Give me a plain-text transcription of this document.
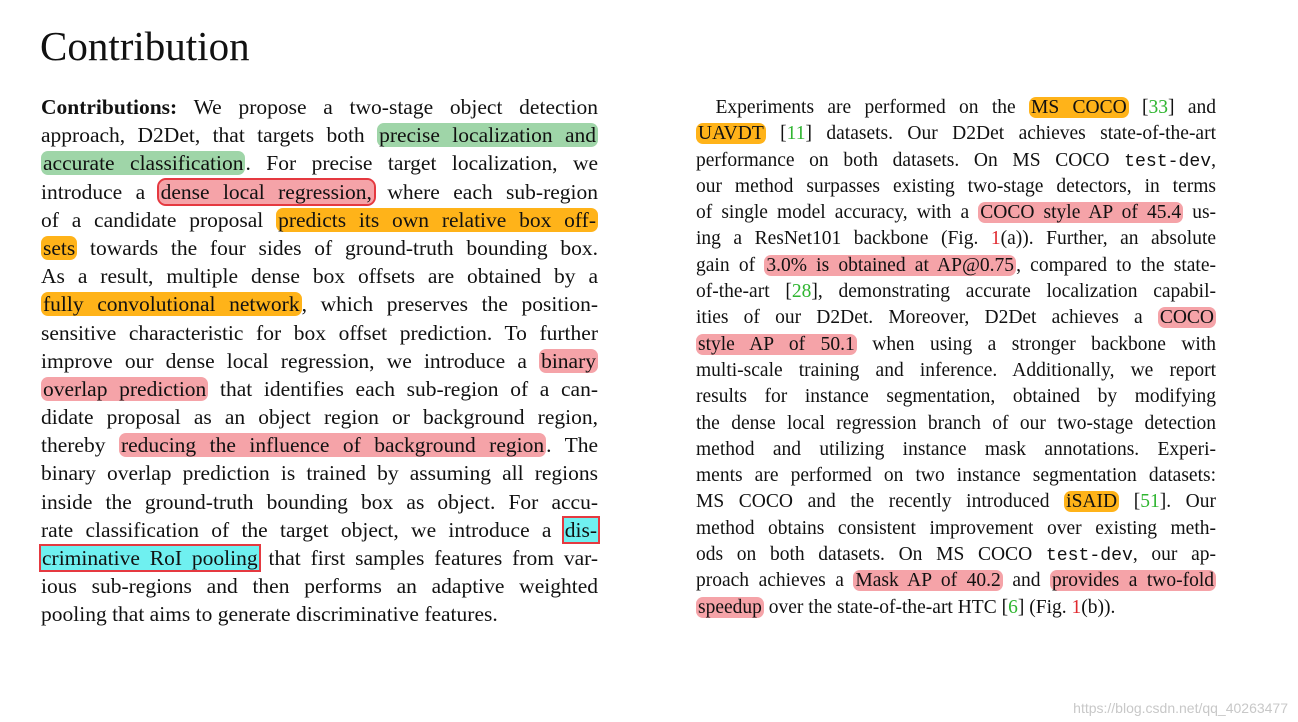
Contribution
Contributions: We propose a two-stage object detection
approach, D2Det, that targets both precise localization and
accurate classification. For precise target localization, we
introduce a dense local regression, where each sub-region
of a candidate proposal predicts its own relative box off-
sets towards the four sides of ground-truth bounding box.
As a result, multiple dense box offsets are obtained by a
fully convolutional network, which preserves the position-
sensitive characteristic for box offset prediction. To further
improve our dense local regression, we introduce a binary
overlap prediction that identifies each sub-region of a can-
didate proposal as an object region or background region,
thereby reducing the influence of background region. The
binary overlap prediction is trained by assuming all regions
inside the ground-truth bounding box as object. For accu-
rate classification of the target object, we introduce a dis-
criminative RoI pooling that first samples features from var-
ious sub-regions and then performs an adaptive weighted
pooling that aims to generate discriminative features.
 Experiments are performed on the MS COCO [33] and
UAVDT [11] datasets. Our D2Det achieves state-of-the-art
performance on both datasets. On MS COCO test-dev,
our method surpasses existing two-stage detectors, in terms
of single model accuracy, with a COCO style AP of 45.4 us-
ing a ResNet101 backbone (Fig. 1(a)). Further, an absolute
gain of 3.0% is obtained at AP@0.75 , compared to the state-
of-the-art [28], demonstrating accurate localization capabil-
ities of our D2Det. Moreover, D2Det achieves a COCO
style AP of 50.1 when using a stronger backbone with
multi-scale training and inference. Additionally, we report
results for instance segmentation, obtained by modifying
the dense local regression branch of our two-stage detection
method and utilizing instance mask annotations. Experi-
ments are performed on two instance segmentation datasets:
MS COCO and the recently introduced iSAID [51]. Our
method obtains consistent improvement over existing meth-
ods on both datasets. On MS COCO test-dev, our ap-
proach achieves a Mask AP of 40.2 and provides a two-fold
speedup over the state-of-the-art HTC [6] (Fig. 1(b)).
https://blog.csdn.net/qq_40263477
